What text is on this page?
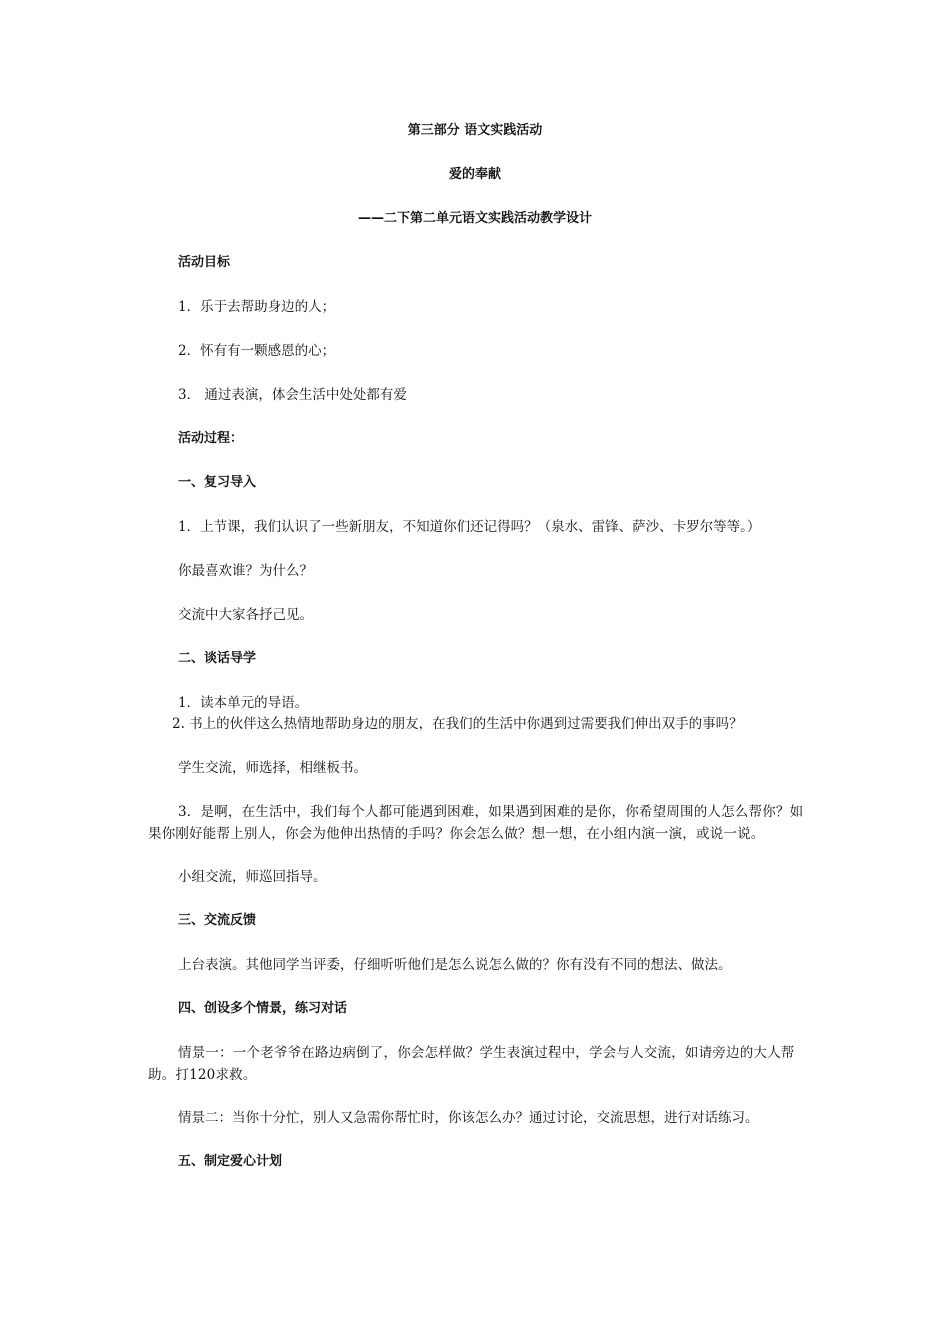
第三部分 语文实践活动
爱的奉献
——二下第二单元语文实践活动教学设计
活动目标
1．乐于去帮助身边的人；
2．怀有有一颗感恩的心；
3． 通过表演，体会生活中处处都有爱
活动过程：
一、复习导入
1．上节课，我们认识了一些新朋友，不知道你们还记得吗？（泉水、雷锋、萨沙、卡罗尔等等。）
你最喜欢谁？为什么？
交流中大家各抒己见。
二、谈话导学
1．读本单元的导语。
2. 书上的伙伴这么热情地帮助身边的朋友，在我们的生活中你遇到过需要我们伸出双手的事吗？
学生交流，师选择，相继板书。
3．是啊，在生活中，我们每个人都可能遇到困难，如果遇到困难的是你，你希望周围的人怎么帮你？如果你刚好能帮上别人，你会为他伸出热情的手吗？你会怎么做？想一想，在小组内演一演，或说一说。
小组交流，师巡回指导。
三、交流反馈
上台表演。其他同学当评委，仔细听听他们是怎么说怎么做的？你有没有不同的想法、做法。
四、创设多个情景，练习对话
情景一：一个老爷爷在路边病倒了，你会怎样做？学生表演过程中，学会与人交流，如请旁边的大人帮助。打120求救。
情景二：当你十分忙，别人又急需你帮忙时，你该怎么办？通过讨论，交流思想，进行对话练习。
五、制定爱心计划
